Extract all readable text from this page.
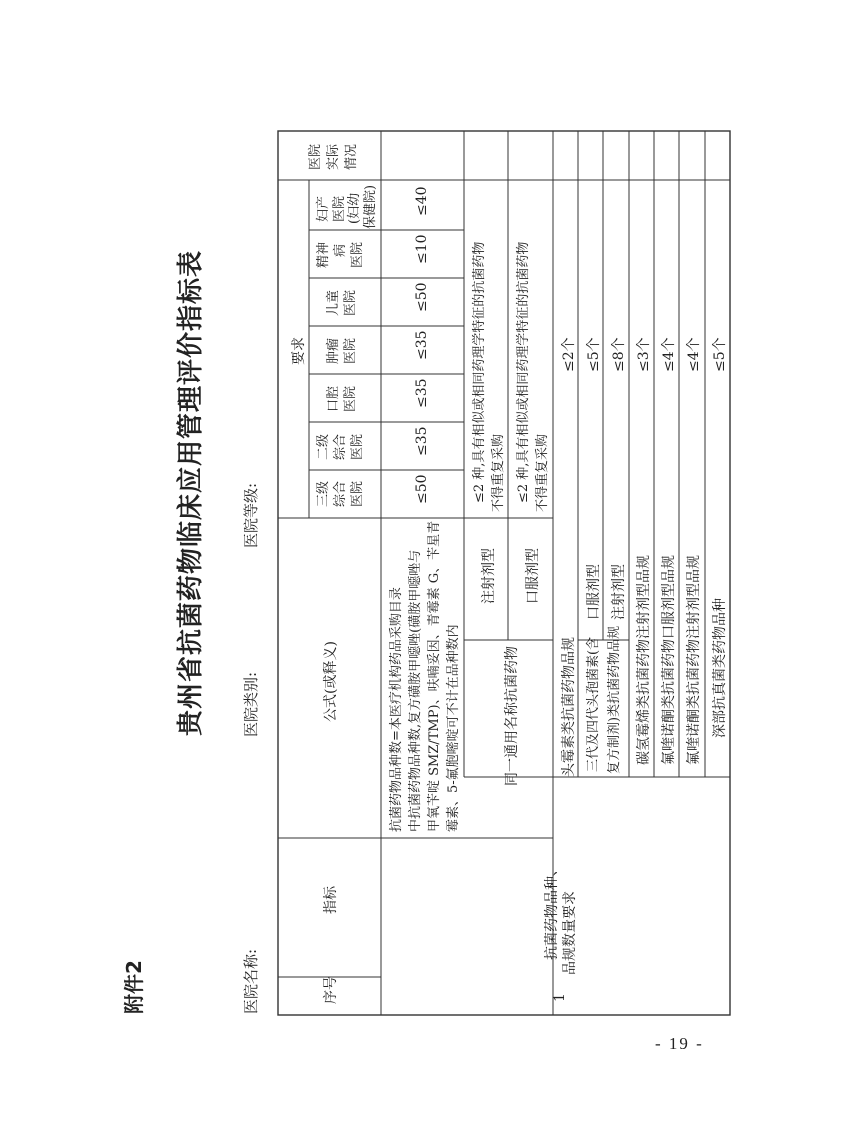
附件2
贵州省抗菌药物临床应用管理评价指标表
医院名称:
医院类别:
医院等级:
序号
指标
公式(或释义)
要求
医院 实际 情况
三级 综合 医院
二级 综合 医院
口腔 医院
肿瘤 医院
儿童 医院
精神 病 医院
妇产 医院 (妇幼 保健院)
1
抗菌药物品种、 品规数量要求
抗菌药物品种数=本医疗机构药品采购目录 中抗菌药物品种数,复方磺胺甲噁唑(磺胺甲噁唑与 甲氧苄啶 SMZ/TMP)、呋喃妥因、青霉素 G、苄星青 霉素、5-氟胞嘧啶可不计在品种数内
≤50
≤35
≤35
≤35
≤50
≤10
≤40
同一通用名称抗菌药物
注射剂型 口服剂型
≤2 种,具有相似或相同药理学特征的抗菌药物 不得重复采购 ≤2 种,具有相似或相同药理学特征的抗菌药物 不得重复采购
头霉素类抗菌药物品规
≤2个
三代及四代头孢菌素(含 复方制剂)类抗菌药物品规
口服剂型 注射剂型
≤5个 ≤8个
碳氢霉烯类抗菌药物注射剂型品规
≤3个
氟喹诺酮类抗菌药物口服剂型品规
≤4个
氟喹诺酮类抗菌药物注射剂型品规
≤4个
深部抗真菌类药物品种
≤5个
- 19 -
